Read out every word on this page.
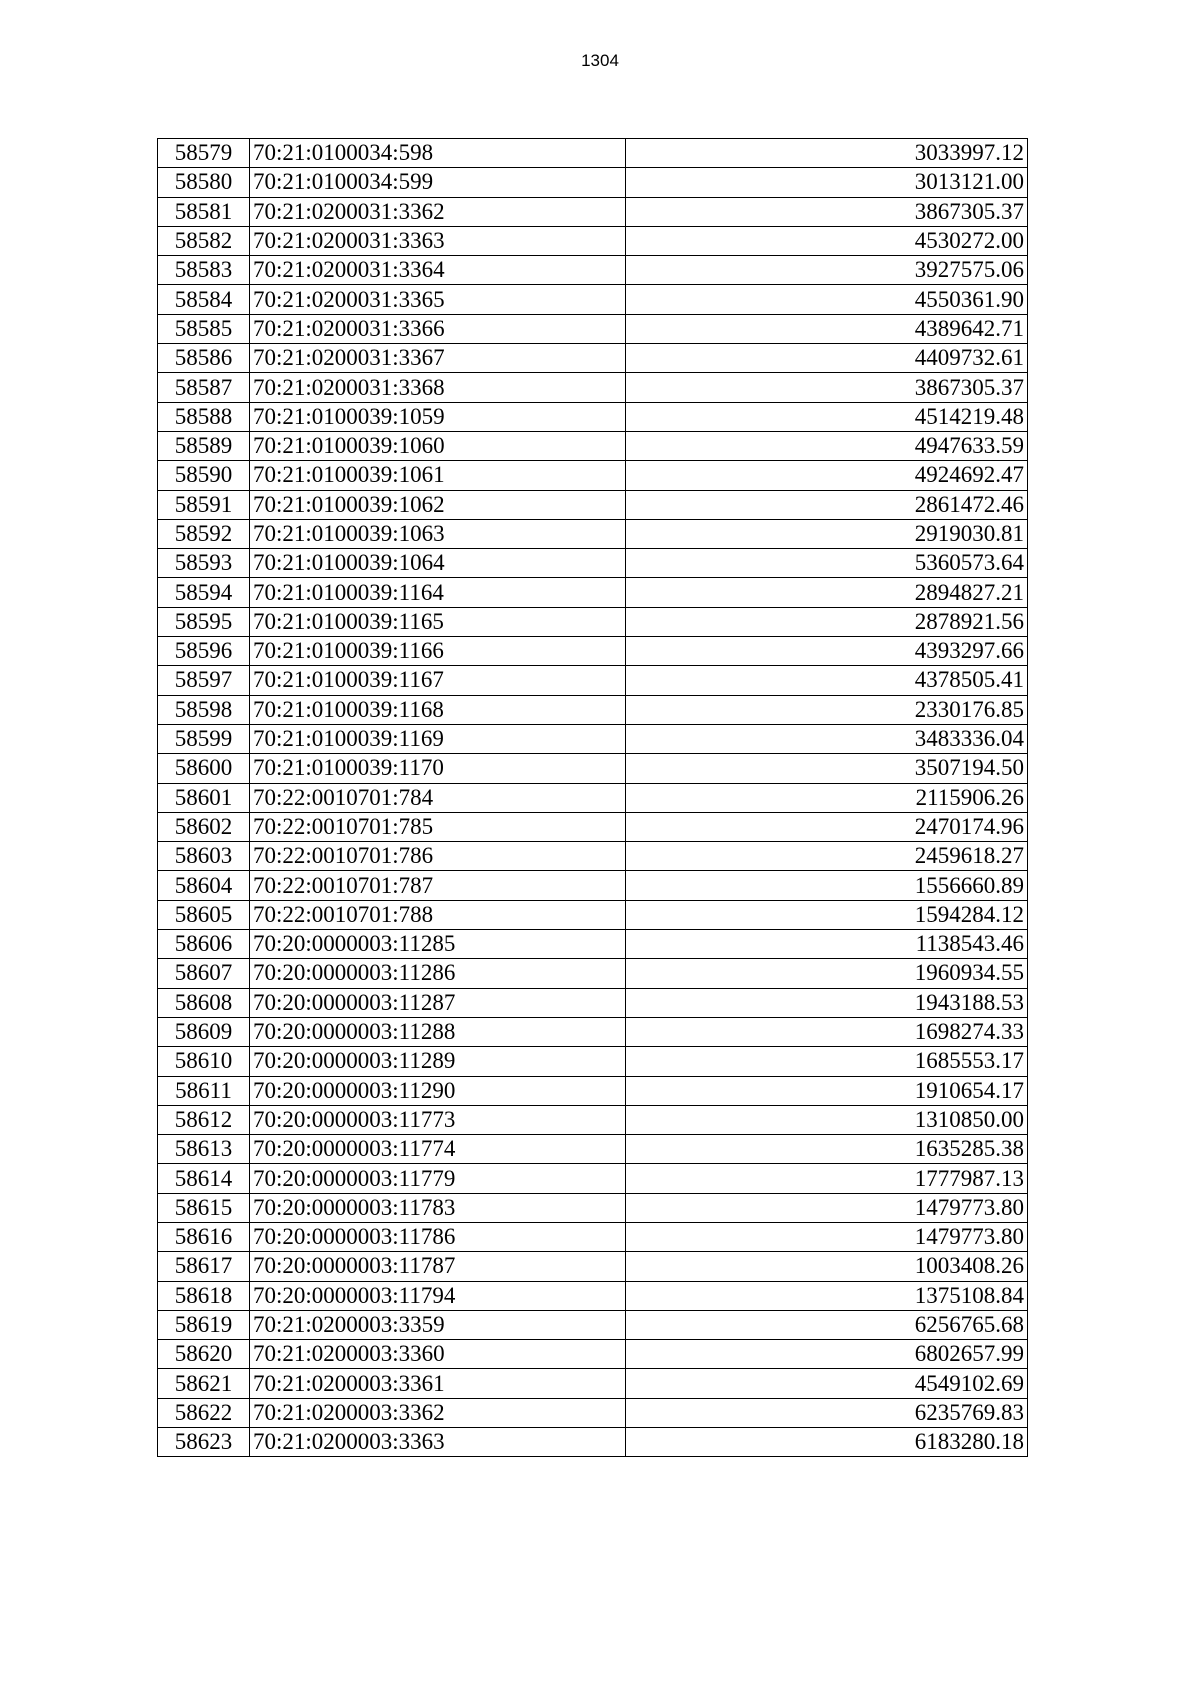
1304
58579	70:21:0100034:598	3033997.12
58580	70:21:0100034:599	3013121.00
58581	70:21:0200031:3362	3867305.37
58582	70:21:0200031:3363	4530272.00
58583	70:21:0200031:3364	3927575.06
58584	70:21:0200031:3365	4550361.90
58585	70:21:0200031:3366	4389642.71
58586	70:21:0200031:3367	4409732.61
58587	70:21:0200031:3368	3867305.37
58588	70:21:0100039:1059	4514219.48
58589	70:21:0100039:1060	4947633.59
58590	70:21:0100039:1061	4924692.47
58591	70:21:0100039:1062	2861472.46
58592	70:21:0100039:1063	2919030.81
58593	70:21:0100039:1064	5360573.64
58594	70:21:0100039:1164	2894827.21
58595	70:21:0100039:1165	2878921.56
58596	70:21:0100039:1166	4393297.66
58597	70:21:0100039:1167	4378505.41
58598	70:21:0100039:1168	2330176.85
58599	70:21:0100039:1169	3483336.04
58600	70:21:0100039:1170	3507194.50
58601	70:22:0010701:784	2115906.26
58602	70:22:0010701:785	2470174.96
58603	70:22:0010701:786	2459618.27
58604	70:22:0010701:787	1556660.89
58605	70:22:0010701:788	1594284.12
58606	70:20:0000003:11285	1138543.46
58607	70:20:0000003:11286	1960934.55
58608	70:20:0000003:11287	1943188.53
58609	70:20:0000003:11288	1698274.33
58610	70:20:0000003:11289	1685553.17
58611	70:20:0000003:11290	1910654.17
58612	70:20:0000003:11773	1310850.00
58613	70:20:0000003:11774	1635285.38
58614	70:20:0000003:11779	1777987.13
58615	70:20:0000003:11783	1479773.80
58616	70:20:0000003:11786	1479773.80
58617	70:20:0000003:11787	1003408.26
58618	70:20:0000003:11794	1375108.84
58619	70:21:0200003:3359	6256765.68
58620	70:21:0200003:3360	6802657.99
58621	70:21:0200003:3361	4549102.69
58622	70:21:0200003:3362	6235769.83
58623	70:21:0200003:3363	6183280.18
